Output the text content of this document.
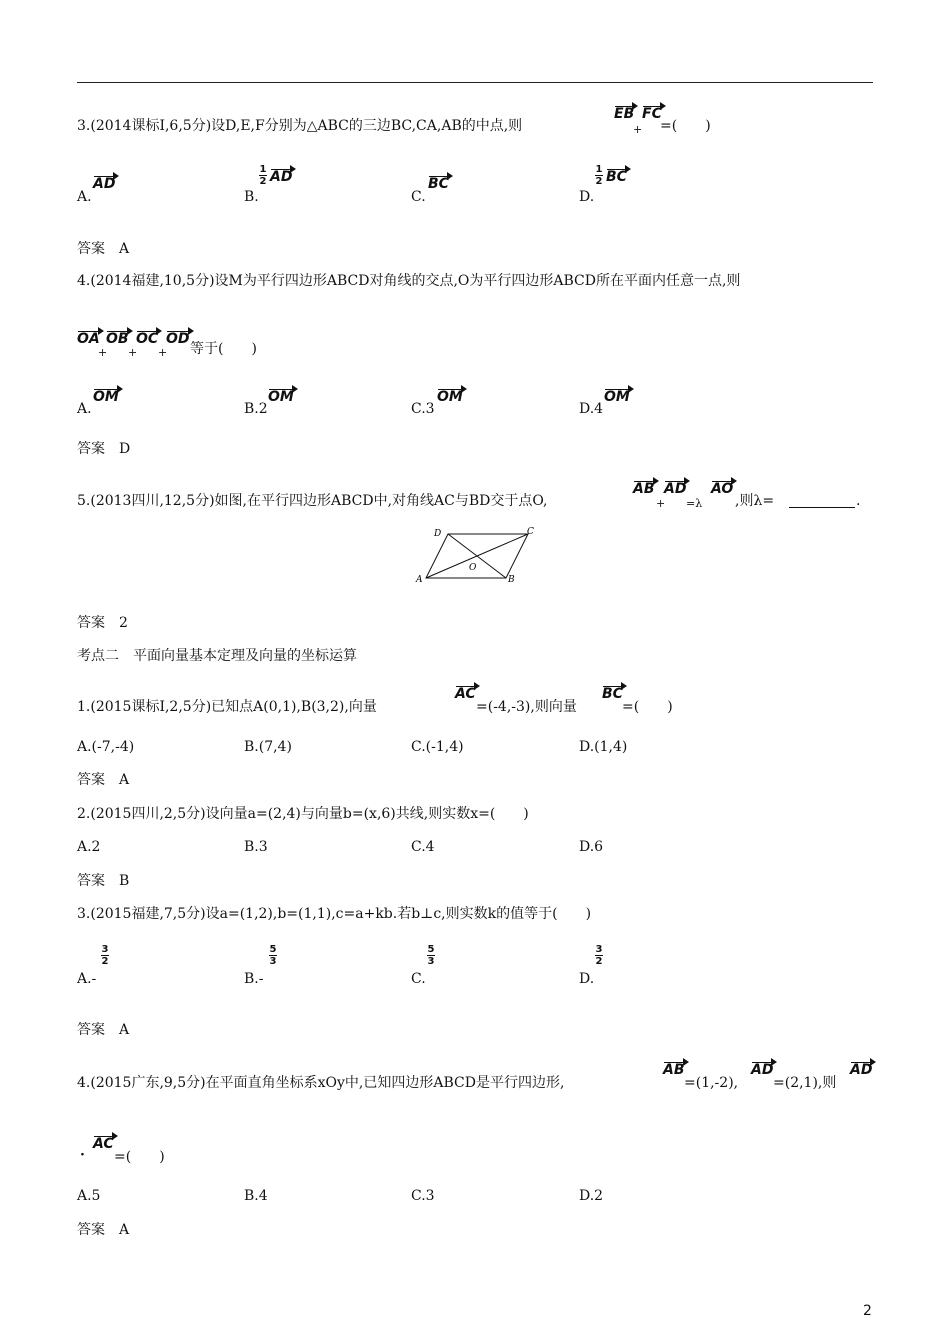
3.(2014课标Ⅰ,6,5分)设D,E,F分别为△ABC的三边BC,CA,AB的中点,则
EB
+
FC
=(　　)
A.
AD
B.
1
2 AD
C.
BC
D.
1
2 BC
答案　A
4.(2014福建,10,5分)设M为平行四边形ABCD对角线的交点,O为平行四边形ABCD所在平面内任意一点,则
OA
+
OB
+
OC
+
OD
等于(　　)
A.
OM
B.2
OM
C.3
OM
D.4
OM
答案　D
5.(2013四川,12,5分)如图,在平行四边形ABCD中,对角线AC与BD交于点O,
AB
+
AD
=λ
AO
,则λ=	.
A	B
C
D
O
答案　2
考点二　平面向量基本定理及向量的坐标运算
1.(2015课标Ⅰ,2,5分)已知点A(0,1),B(3,2),向量
AC
=(-4,-3),则向量
BC
=(　　)
A.(-7,-4)	B.(7,4)	C.(-1,4)	D.(1,4)
答案　A
2.(2015四川,2,5分)设向量a=(2,4)与向量b=(x,6)共线,则实数x=(　　)
A.2	B.3	C.4	D.6
答案　B
3.(2015福建,7,5分)设a=(1,2),b=(1,1),c=a+kb.若b⊥c,则实数k的值等于(　　)
A.-
3
2
B.-
5
3
C.
5
3
D.
3
2
答案　A
4.(2015广东,9,5分)在平面直角坐标系xOy中,已知四边形ABCD是平行四边形,
AB
=(1,-2),
AD
=(2,1),则
AD
·
AC
=(　　)
A.5	B.4	C.3	D.2
答案　A
2
